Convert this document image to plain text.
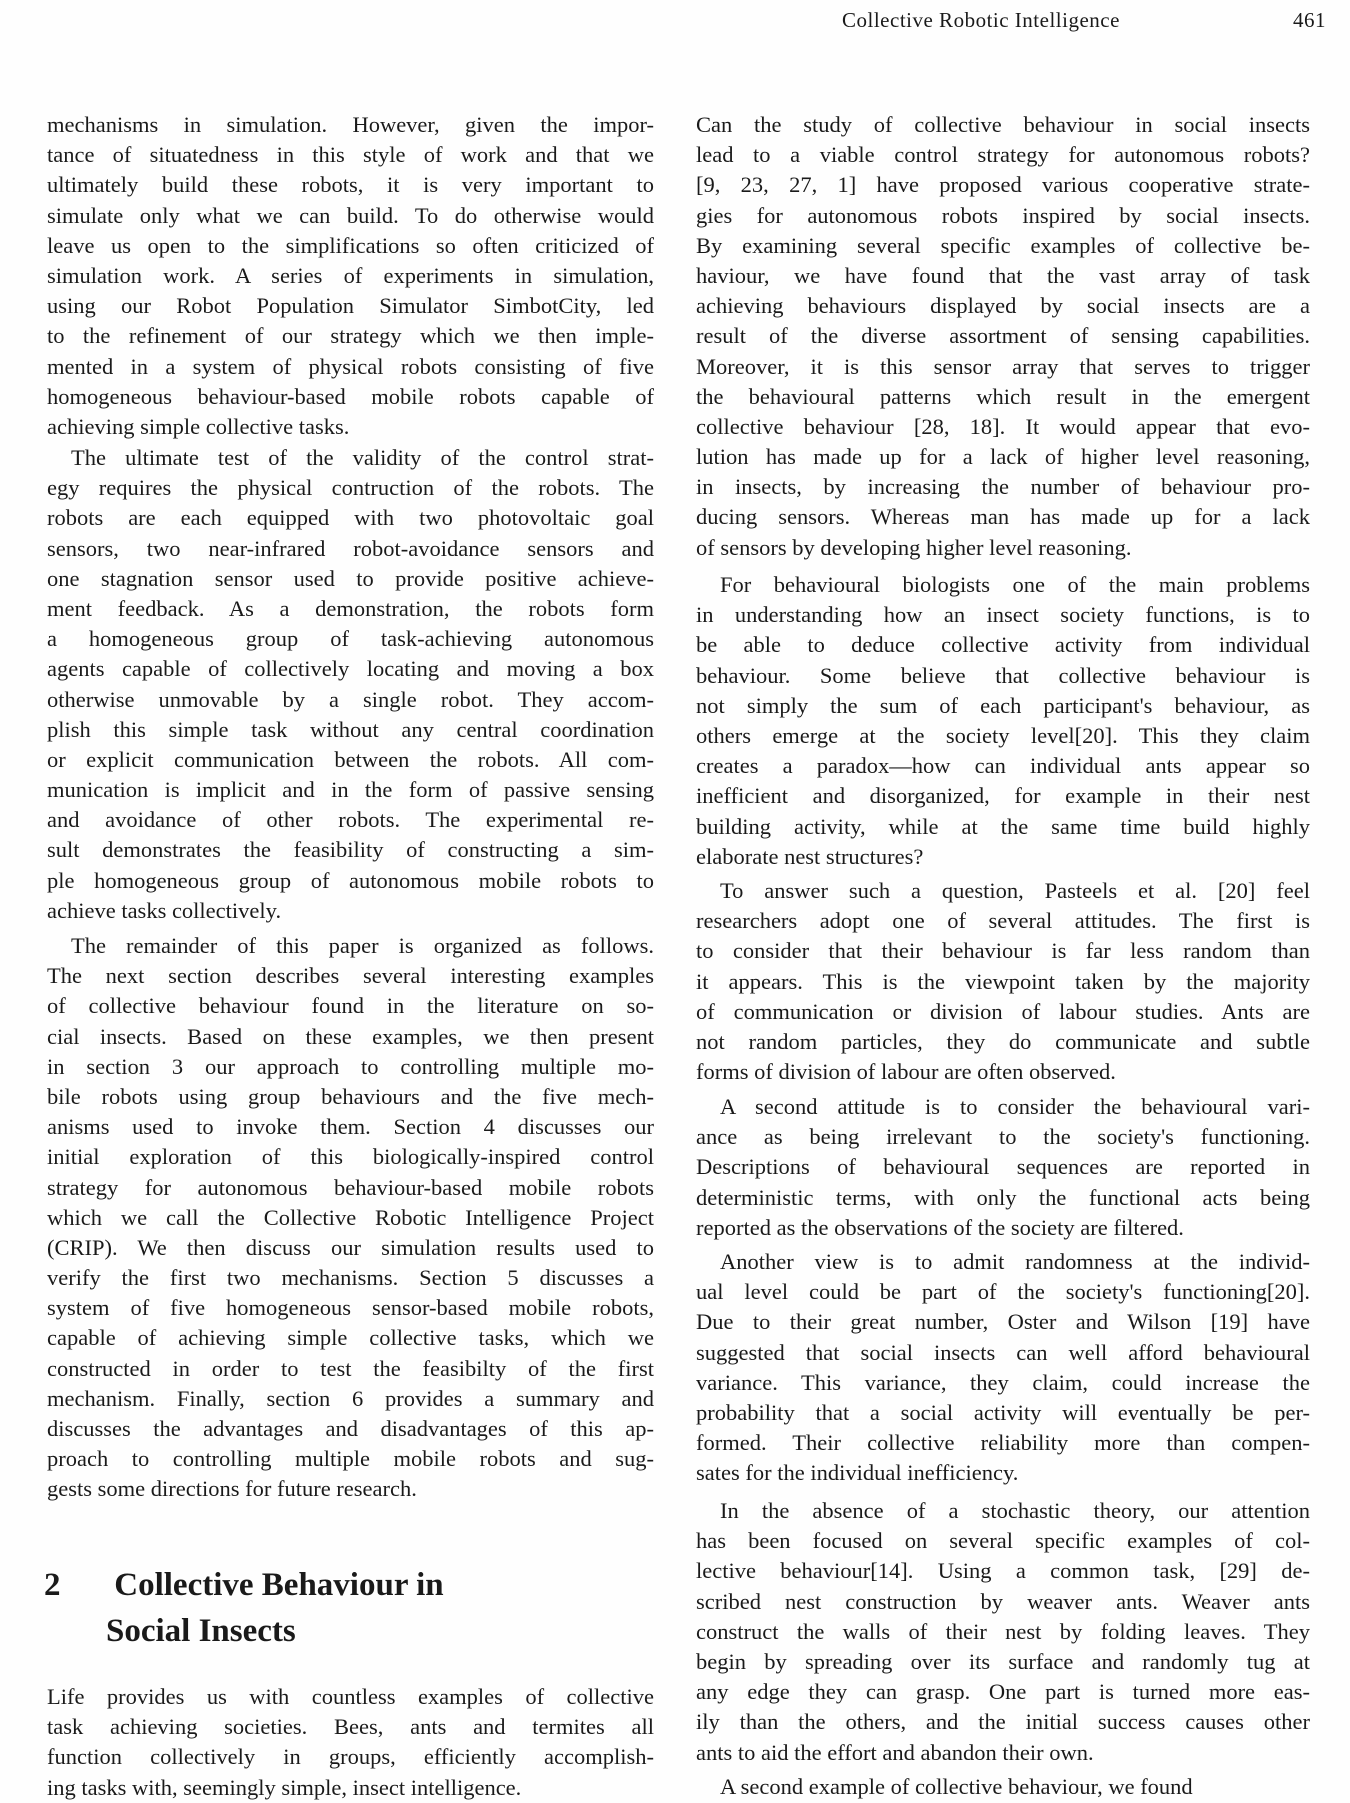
Collective Robotic Intelligence	461
mechanisms in simulation. However, given the impor-
tance of situatedness in this style of work and that we
ultimately build these robots, it is very important to
simulate only what we can build. To do otherwise would
leave us open to the simplifications so often criticized of
simulation work. A series of experiments in simulation,
using our Robot Population Simulator SimbotCity, led
to the refinement of our strategy which we then imple-
mented in a system of physical robots consisting of five
homogeneous behaviour-based mobile robots capable of
achieving simple collective tasks.
The ultimate test of the validity of the control strat-
egy requires the physical contruction of the robots. The
robots are each equipped with two photovoltaic goal
sensors, two near-infrared robot-avoidance sensors and
one stagnation sensor used to provide positive achieve-
ment feedback. As a demonstration, the robots form
a homogeneous group of task-achieving autonomous
agents capable of collectively locating and moving a box
otherwise unmovable by a single robot. They accom-
plish this simple task without any central coordination
or explicit communication between the robots. All com-
munication is implicit and in the form of passive sensing
and avoidance of other robots. The experimental re-
sult demonstrates the feasibility of constructing a sim-
ple homogeneous group of autonomous mobile robots to
achieve tasks collectively.
The remainder of this paper is organized as follows.
The next section describes several interesting examples
of collective behaviour found in the literature on so-
cial insects. Based on these examples, we then present
in section 3 our approach to controlling multiple mo-
bile robots using group behaviours and the five mech-
anisms used to invoke them. Section 4 discusses our
initial exploration of this biologically-inspired control
strategy for autonomous behaviour-based mobile robots
which we call the Collective Robotic Intelligence Project
(CRIP). We then discuss our simulation results used to
verify the first two mechanisms. Section 5 discusses a
system of five homogeneous sensor-based mobile robots,
capable of achieving simple collective tasks, which we
constructed in order to test the feasibilty of the first
mechanism. Finally, section 6 provides a summary and
discusses the advantages and disadvantages of this ap-
proach to controlling multiple mobile robots and sug-
gests some directions for future research.
2 Collective Behaviour in
Social Insects
Life provides us with countless examples of collective
task achieving societies. Bees, ants and termites all
function collectively in groups, efficiently accomplish-
ing tasks with, seemingly simple, insect intelligence.
Can the study of collective behaviour in social insects
lead to a viable control strategy for autonomous robots?
[9, 23, 27, 1] have proposed various cooperative strate-
gies for autonomous robots inspired by social insects.
By examining several specific examples of collective be-
haviour, we have found that the vast array of task
achieving behaviours displayed by social insects are a
result of the diverse assortment of sensing capabilities.
Moreover, it is this sensor array that serves to trigger
the behavioural patterns which result in the emergent
collective behaviour [28, 18]. It would appear that evo-
lution has made up for a lack of higher level reasoning,
in insects, by increasing the number of behaviour pro-
ducing sensors. Whereas man has made up for a lack
of sensors by developing higher level reasoning.
For behavioural biologists one of the main problems
in understanding how an insect society functions, is to
be able to deduce collective activity from individual
behaviour. Some believe that collective behaviour is
not simply the sum of each participant's behaviour, as
others emerge at the society level[20]. This they claim
creates a paradox—how can individual ants appear so
inefficient and disorganized, for example in their nest
building activity, while at the same time build highly
elaborate nest structures?
To answer such a question, Pasteels et al. [20] feel
researchers adopt one of several attitudes. The first is
to consider that their behaviour is far less random than
it appears. This is the viewpoint taken by the majority
of communication or division of labour studies. Ants are
not random particles, they do communicate and subtle
forms of division of labour are often observed.
A second attitude is to consider the behavioural vari-
ance as being irrelevant to the society's functioning.
Descriptions of behavioural sequences are reported in
deterministic terms, with only the functional acts being
reported as the observations of the society are filtered.
Another view is to admit randomness at the individ-
ual level could be part of the society's functioning[20].
Due to their great number, Oster and Wilson [19] have
suggested that social insects can well afford behavioural
variance. This variance, they claim, could increase the
probability that a social activity will eventually be per-
formed. Their collective reliability more than compen-
sates for the individual inefficiency.
In the absence of a stochastic theory, our attention
has been focused on several specific examples of col-
lective behaviour[14]. Using a common task, [29] de-
scribed nest construction by weaver ants. Weaver ants
construct the walls of their nest by folding leaves. They
begin by spreading over its surface and randomly tug at
any edge they can grasp. One part is turned more eas-
ily than the others, and the initial success causes other
ants to aid the effort and abandon their own.
A second example of collective behaviour, we found
